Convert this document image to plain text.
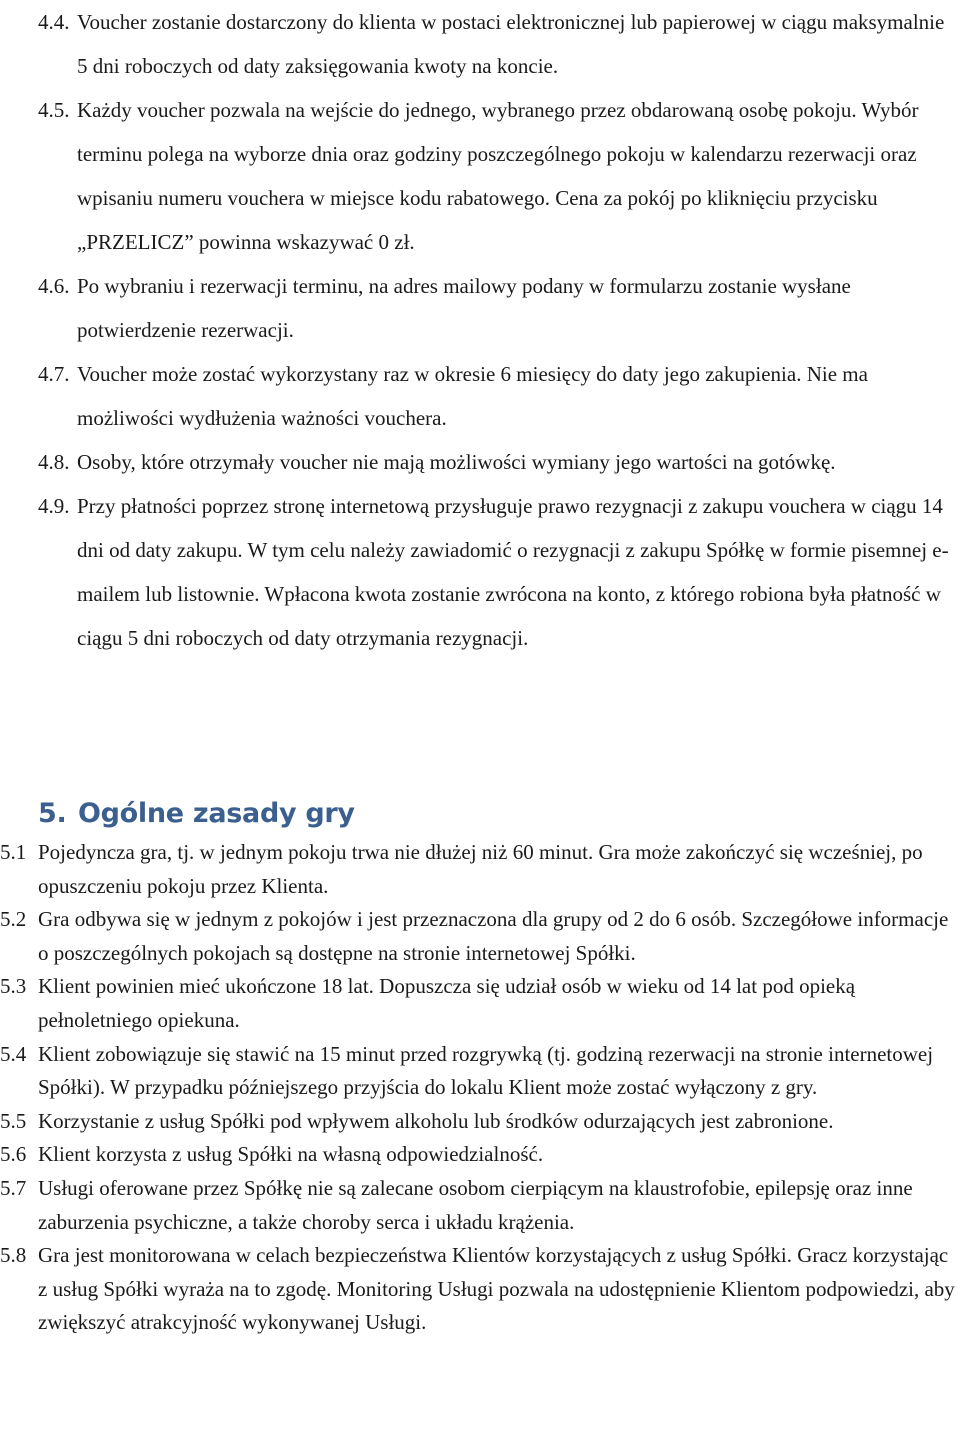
4.4. Voucher zostanie dostarczony do klienta w postaci elektronicznej lub papierowej w ciągu maksymalnie 5 dni roboczych od daty zaksięgowania kwoty na koncie.

4.5. Każdy voucher pozwala na wejście do jednego, wybranego przez obdarowaną osobę pokoju. Wybór terminu polega na wyborze dnia oraz godziny poszczególnego pokoju w kalendarzu rezerwacji oraz wpisaniu numeru vouchera w miejsce kodu rabatowego. Cena za pokój po kliknięciu przycisku „PRZELICZ” powinna wskazywać 0 zł.

4.6. Po wybraniu i rezerwacji terminu, na adres mailowy podany w formularzu zostanie wysłane potwierdzenie rezerwacji.

4.7. Voucher może zostać wykorzystany raz w okresie 6 miesięcy do daty jego zakupienia. Nie ma możliwości wydłużenia ważności vouchera.

4.8. Osoby, które otrzymały voucher nie mają możliwości wymiany jego wartości na gotówkę.

4.9. Przy płatności poprzez stronę internetową przysługuje prawo rezygnacji z zakupu vouchera w ciągu 14 dni od daty zakupu. W tym celu należy zawiadomić o rezygnacji z zakupu Spółkę w formie pisemnej e-mailem lub listownie. Wpłacona kwota zostanie zwrócona na konto, z którego robiona była płatność w ciągu 5 dni roboczych od daty otrzymania rezygnacji.

5. Ogólne zasady gry

5.1 Pojedyncza gra, tj. w jednym pokoju trwa nie dłużej niż 60 minut. Gra może zakończyć się wcześniej, po opuszczeniu pokoju przez Klienta.

5.2 Gra odbywa się w jednym z pokojów i jest przeznaczona dla grupy od 2 do 6 osób. Szczegółowe informacje o poszczególnych pokojach są dostępne na stronie internetowej Spółki.

5.3 Klient powinien mieć ukończone 18 lat. Dopuszcza się udział osób w wieku od 14 lat pod opieką pełnoletniego opiekuna.

5.4 Klient zobowiązuje się stawić na 15 minut przed rozgrywką (tj. godziną rezerwacji na stronie internetowej Spółki). W przypadku późniejszego przyjścia do lokalu Klient może zostać wyłączony z gry.

5.5 Korzystanie z usług Spółki pod wpływem alkoholu lub środków odurzających jest zabronione.

5.6 Klient korzysta z usług Spółki na własną odpowiedzialność.

5.7 Usługi oferowane przez Spółkę nie są zalecane osobom cierpiącym na klaustrofobie, epilepsję oraz inne zaburzenia psychiczne, a także choroby serca i układu krążenia.

5.8 Gra jest monitorowana w celach bezpieczeństwa Klientów korzystających z usług Spółki. Gracz korzystając z usług Spółki wyraża na to zgodę. Monitoring Usługi pozwala na udostępnienie Klientom podpowiedzi, aby zwiększyć atrakcyjność wykonywanej Usługi.
